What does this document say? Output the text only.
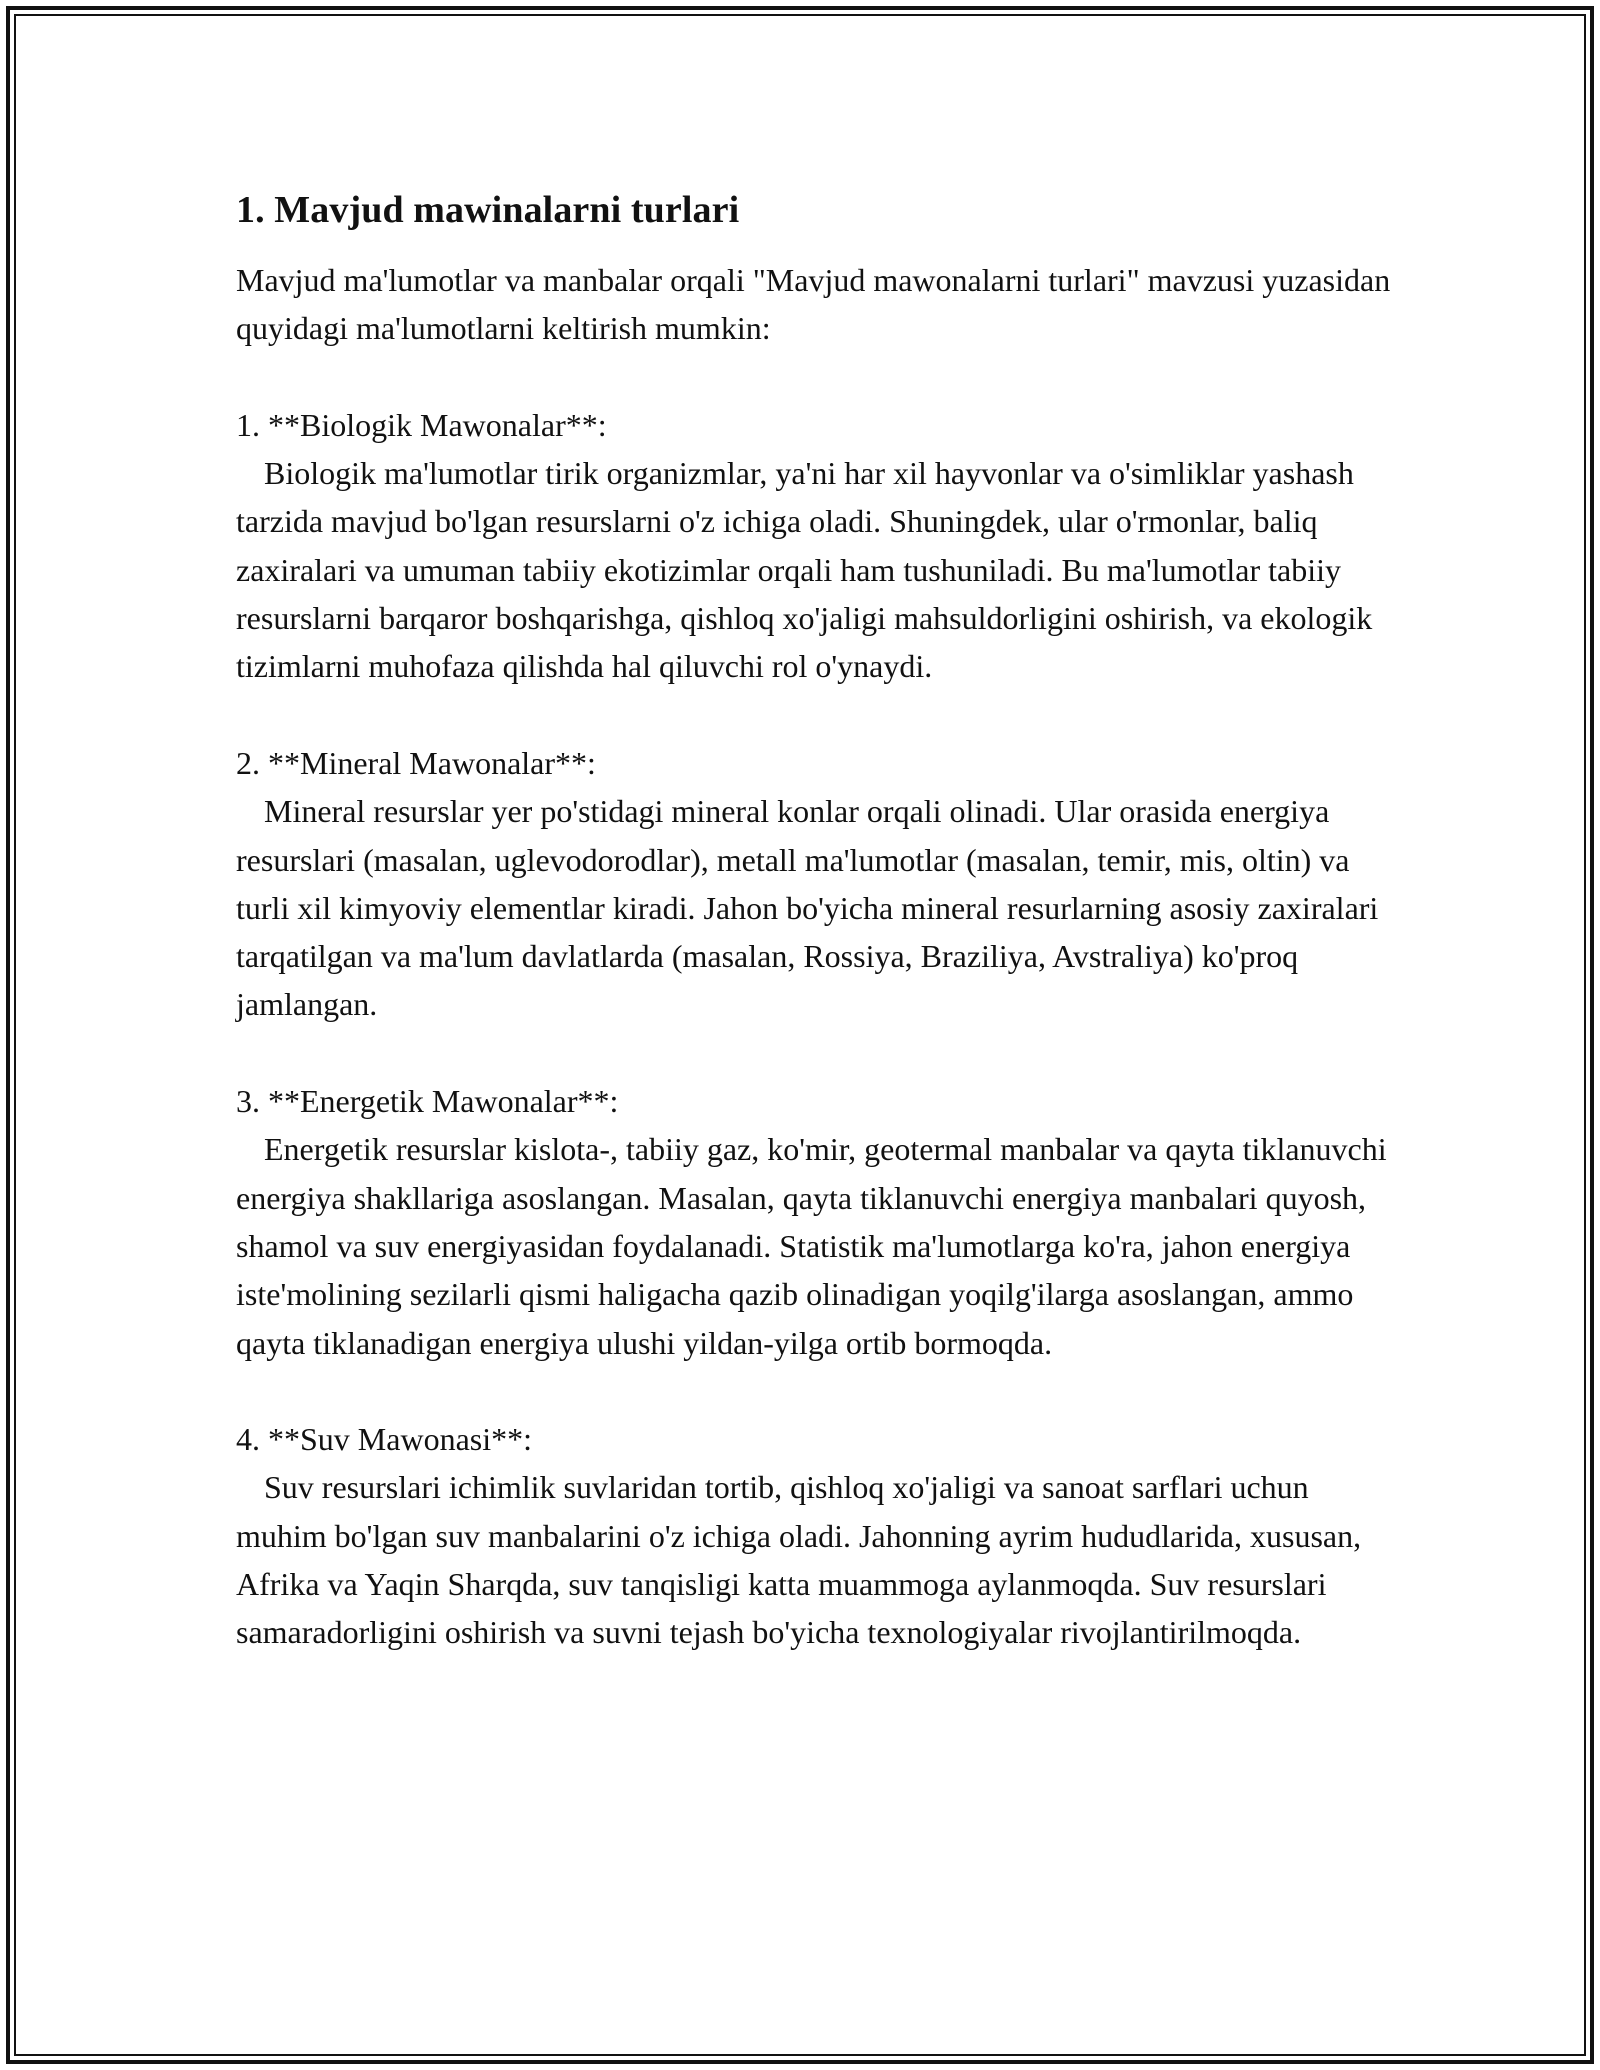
1. Mavjud mawinalarni turlari

Mavjud ma'lumotlar va manbalar orqali "Mavjud mawonalarni turlari" mavzusi yuzasidan quyidagi ma'lumotlarni keltirish mumkin:

1. **Biologik Mawonalar**:

Biologik ma'lumotlar tirik organizmlar, ya'ni har xil hayvonlar va o'simliklar yashash tarzida mavjud bo'lgan resurslarni o'z ichiga oladi. Shuningdek, ular o'rmonlar, baliq zaxiralari va umuman tabiiy ekotizimlar orqali ham tushuniladi. Bu ma'lumotlar tabiiy resurslarni barqaror boshqarishga, qishloq xo'jaligi mahsuldorligini oshirish, va ekologik tizimlarni muhofaza qilishda hal qiluvchi rol o'ynaydi.

2. **Mineral Mawonalar**:

Mineral resurslar yer po'stidagi mineral konlar orqali olinadi. Ular orasida energiya resurslari (masalan, uglevodorodlar), metall ma'lumotlar (masalan, temir, mis, oltin) va turli xil kimyoviy elementlar kiradi. Jahon bo'yicha mineral resurlarning asosiy zaxiralari tarqatilgan va ma'lum davlatlarda (masalan, Rossiya, Braziliya, Avstraliya) ko'proq jamlangan.

3. **Energetik Mawonalar**:

Energetik resurslar kislota-, tabiiy gaz, ko'mir, geotermal manbalar va qayta tiklanuvchi energiya shakllariga asoslangan. Masalan, qayta tiklanuvchi energiya manbalari quyosh, shamol va suv energiyasidan foydalanadi. Statistik ma'lumotlarga ko'ra, jahon energiya iste'molining sezilarli qismi haligacha qazib olinadigan yoqilg'ilarga asoslangan, ammo qayta tiklanadigan energiya ulushi yildan-yilga ortib bormoqda.

4. **Suv Mawonasi**:

Suv resurslari ichimlik suvlaridan tortib, qishloq xo'jaligi va sanoat sarflari uchun muhim bo'lgan suv manbalarini o'z ichiga oladi. Jahonning ayrim hududlarida, xususan, Afrika va Yaqin Sharqda, suv tanqisligi katta muammoga aylanmoqda. Suv resurslari samaradorligini oshirish va suvni tejash bo'yicha texnologiyalar rivojlantirilmoqda.
